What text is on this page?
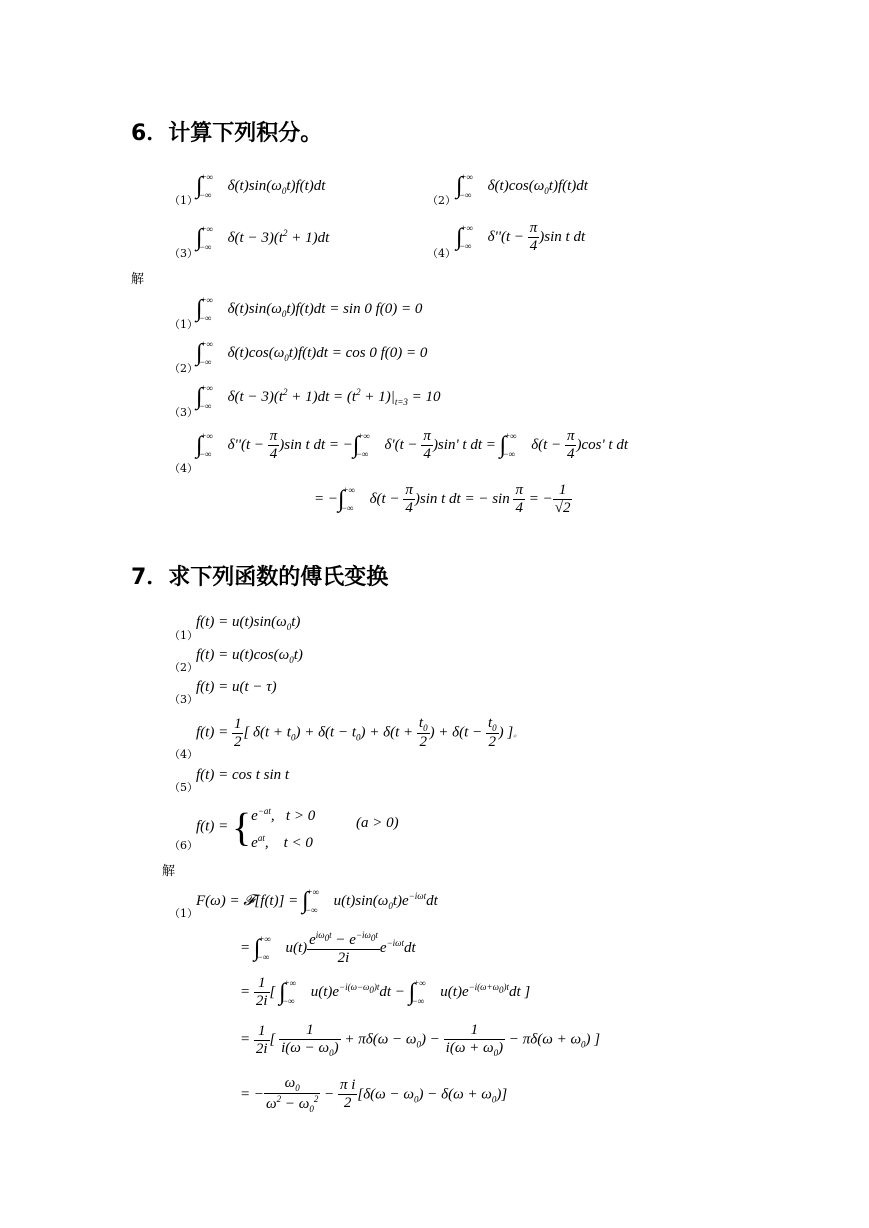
6．计算下列积分。
（1）
$\int^{+\infty}_{-\infty}\delta(t)\sin(\omega_0t)f(t)dt$
（2）
$\int^{+\infty}_{-\infty}\delta(t)\cos(\omega_0t)f(t)dt$
（3）
$\int^{+\infty}_{-\infty}\delta(t - 3)(t^2 + 1)dt$
（4）
$\int^{+\infty}_{-\infty}\delta''(t - \frac{\pi}{4} )\sin$ t dt
解
（1）
$\int^{+\infty}_{-\infty}\delta(t)\sin(\omega_0t)f(t)dt = \sin 0$ f(0) = 0
（2）
$\int^{+\infty}_{-\infty}\delta(t)\cos(\omega_0t)f(t)dt = \cos 0$ f(0) = 0
（3）
$\int^{+\infty}_{-\infty}\delta(t - 3)(t^2 + 1)dt = (t^2 + 1)|_{t=3} = 10$
（4）
$\int^{+\infty}_{-\infty}\delta''(t - \frac{\pi}{4} )\sin$ t dt = $-\int^{+\infty}_{-\infty}\delta'(t - \frac{\pi}{4} )\sin'$ t dt = $\int^{+\infty}_{-\infty}\delta(t - \frac{\pi}{4} )\cos'$ t dt
= $-\int^{+\infty}_{-\infty}\delta(t - \frac{\pi}{4} )\sin$ t dt = − $\sin \frac{\pi}{4}$ = − $\frac{1}{√2}$
7．求下列函数的傅氏变换
（1）
$f(t) = u(t)\sin(\omega_0t)$
（2）
$f(t) = u(t)\cos(\omega_0t)$
（3）
f(t) = u(t − τ)
（4）
$f(t) = \frac{1}{2}$ [ $\delta(t + t_0) + \delta(t - t_0) + \delta(t + \frac{t_0}{2}$ ) + $\delta(t - \frac{t_0}{2}$ ) ]。
（5）
f(t) = cos t sin t
（6）
$f(t) = \{e^{-at}$,   t > 0
$e^{at}$,    t < 0
(a > 0)
解
（1）
F(ω) = 𝓕[f(t)] = $\int^{+\infty}_{-\infty}u(t)\sin(\omega_0t)e^{-i\omega t}dt$
= $\int^{+\infty}_{-\infty}u(t)$
$e^{i\omega_0t} - e^{-i\omega_0t}$
2i
$e^{-i\omega t}dt$
= $\frac{1}{2i}$ [ $\int^{+\infty}_{-\infty}u(t)e^{-i(\omega-\omega_0)t}dt - \int^{+\infty}_{-\infty}u(t)e^{-i(\omega+\omega_0)t}dt$ ]
= $\frac{1}{2i}$ [ $\frac{1}{i(\omega - \omega_0)} + \pi\delta(\omega - \omega_0) - \frac{1}{i(\omega + \omega_0)} - \pi\delta(\omega + \omega_0)$ ]
= − $\frac{\omega_0}{\omega^2 - \omega_0^2} - \frac{\text{π i}}{2} [\delta(\omega - \omega_0) - \delta(\omega + \omega_0)]$
